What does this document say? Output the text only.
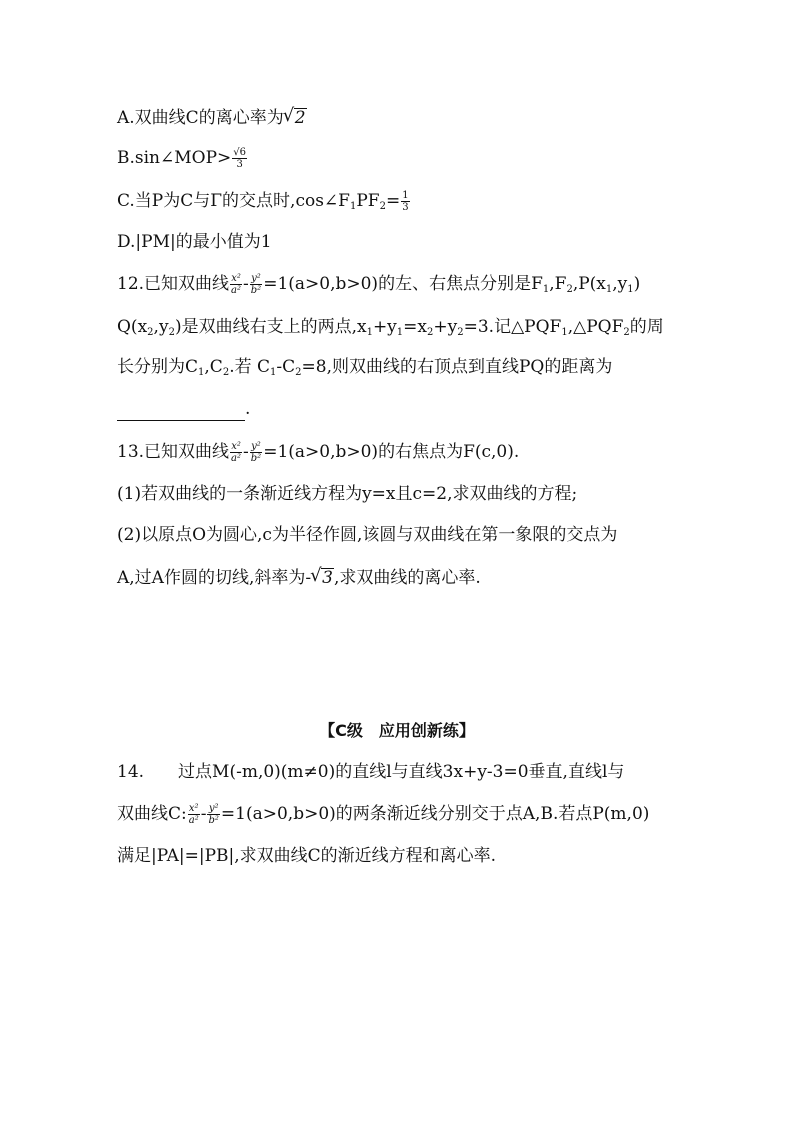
A.双曲线C的离心率为 √ 2
B.sin∠MOP> $\frac{√6}{3}$
C.当P为C与Γ的交点时$,\cos\angle F_1PF_2= \frac{1}{3}$
D.|PM|的最小值为1
12.已知双曲线 $\frac{\text{x²}}{\text{a²}} - \frac{\text{y²}}{\text{b²}} =1(a>0,b>0)$的左、右焦点分别是$F_1,F_2,P(x_1,y_1)$
$Q(x_2,y_2)$是双曲线右支上的两点$,x_1+y_1=x_2+y_2=3$.记$\triangle PQF_1,\triangle PQF_2$的周
长分别为$C_1,C_2$.若 $C_1-C_2=8$,则双曲线的右顶点到直线PQ的距离为
.
13.已知双曲线 $\frac{\text{x²}}{\text{a²}} - \frac{\text{y²}}{\text{b²}} =1(a>0,b>0)$的右焦点为F(c,0).
(1)若双曲线的一条渐近线方程为y=x且c=2,求双曲线的方程;
(2)以原点O为圆心,c为半径作圆,该圆与双曲线在第一象限的交点为
A,过A作圆的切线,斜率为- √ 3,求双曲线的离心率.
【C级　应用创新练】
14.　　过点M(-m,0)(m≠0)的直线l与直线3x+y-3=0垂直,直线l与
双曲线C: $\frac{\text{x²}}{\text{a²}} - \frac{\text{y²}}{\text{b²}} =1(a>0,b>0)$的两条渐近线分别交于点A,B.若点P(m,0)
满足|PA|=|PB|,求双曲线C的渐近线方程和离心率.
